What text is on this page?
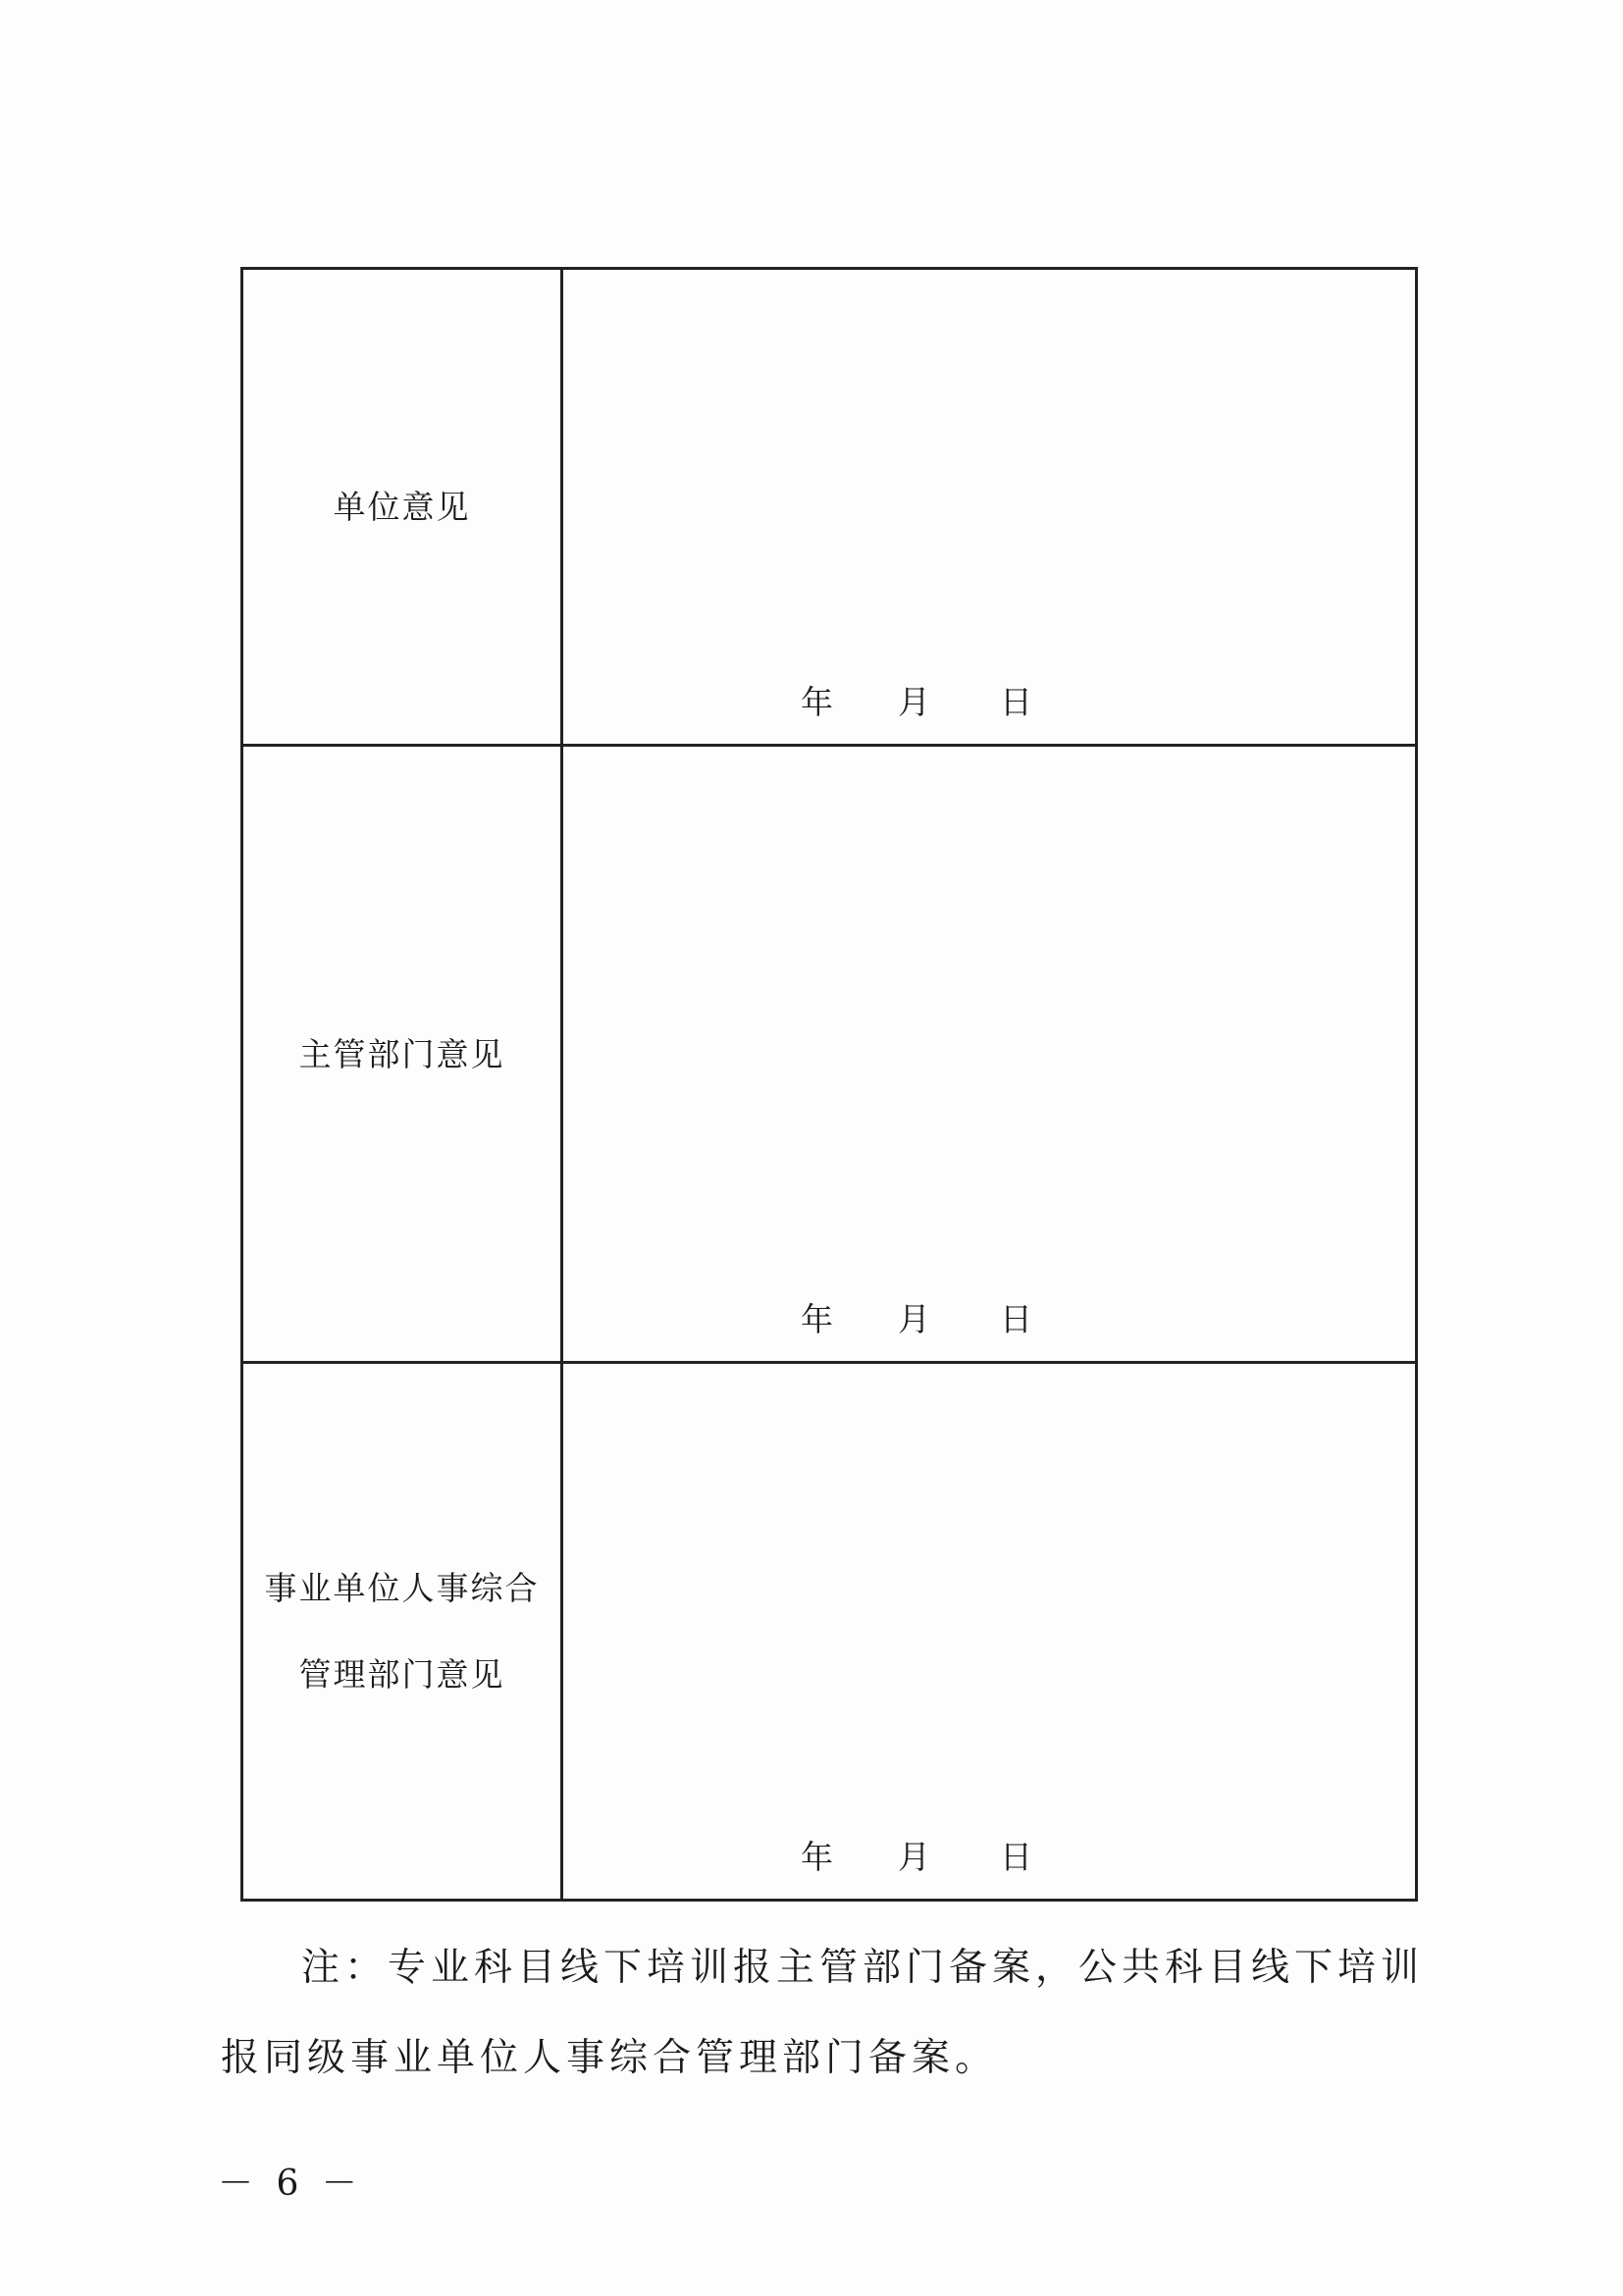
单位意见	年 月 日

主管部门意见	年 月 日

事业单位人事综合
管理部门意见	年 月 日
注：专业科目线下培训报主管部门备案，公共科目线下培训
报同级事业单位人事综合管理部门备案。
－ 6 －
